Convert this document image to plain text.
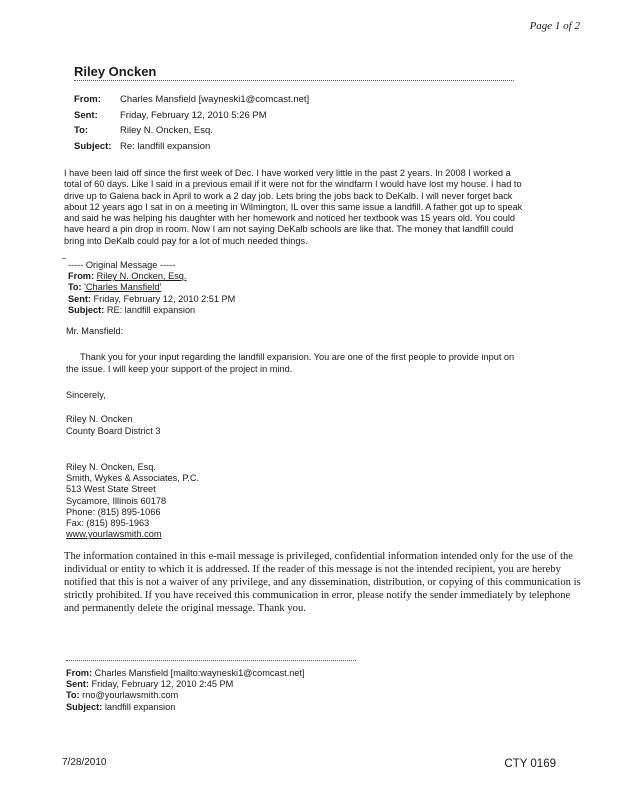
Page 1 of 2
Riley Oncken
From: Charles Mansfield [wayneski1@comcast.net]
Sent: Friday, February 12, 2010 5:26 PM
To:	Riley N. Oncken, Esq.
Subject: Re: landfill expansion
I have been laid off since the first week of Dec. I have worked very little in the past 2 years. In 2008 I worked a
total of 60 days. Like I said in a previous email if it were not for the windfarm I would have lost my house. I had to
drive up to Galena back in April to work a 2 day job. Lets bring the jobs back to DeKalb. I will never forget back
about 12 years ago I sat in on a meeting in Wilmington, IL over this same issue a landfill. A father got up to speak
and said he was helping his daughter with her homework and noticed her textbook was 15 years old. You could
have heard a pin drop in room. Now I am not saying DeKalb schools are like that. The money that landfill could
bring into DeKalb could pay for a lot of much needed things.
----- Original Message -----
From: Riley N. Oncken, Esq.
To: 'Charles Mansfield'
Sent: Friday, February 12, 2010 2:51 PM
Subject: RE: landfill expansion
Mr. Mansfield:
Thank you for your input regarding the landfill expansion. You are one of the first people to provide input on
the issue. I will keep your support of the project in mind.
Sincerely,
Riley N. Oncken
County Board District 3
Riley N. Oncken, Esq.
Smith, Wykes & Associates, P.C.
513 West State Street
Sycamore, Illinois 60178
Phone: (815) 895-1066
Fax: (815) 895-1963
www.yourlawsmith.com
The information contained in this e-mail message is privileged, confidential information intended only for the use of the individual or entity to which it is addressed. If the reader of this message is not the intended recipient, you are hereby notified that this is not a waiver of any privilege, and any dissemination, distribution, or copying of this communication is strictly prohibited. If you have received this communication in error, please notify the sender immediately by telephone and permanently delete the original message. Thank you.
From: Charles Mansfield [mailto:wayneski1@comcast.net]
Sent: Friday, February 12, 2010 2:45 PM
To: rno@yourlawsmith.com
Subject: landfill expansion
7/28/2010	CTY 0169
